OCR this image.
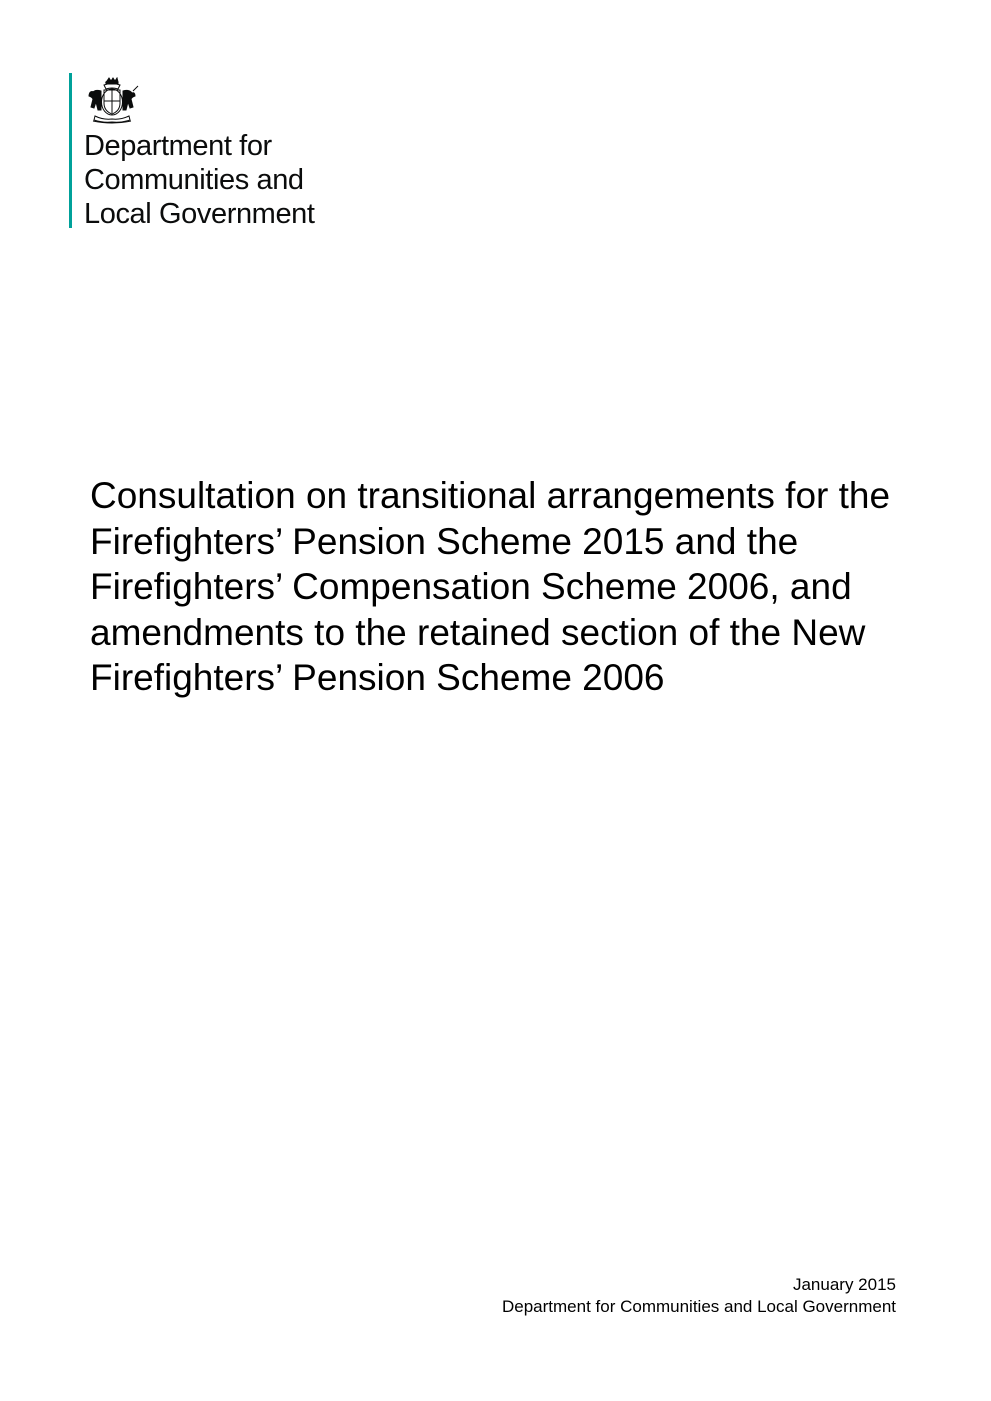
Department for
Communities and
Local Government

Consultation on transitional arrangements for the Firefighters’ Pension Scheme 2015 and the Firefighters’ Compensation Scheme 2006, and amendments to the retained section of the New Firefighters’ Pension Scheme 2006
January 2015
Department for Communities and Local Government
